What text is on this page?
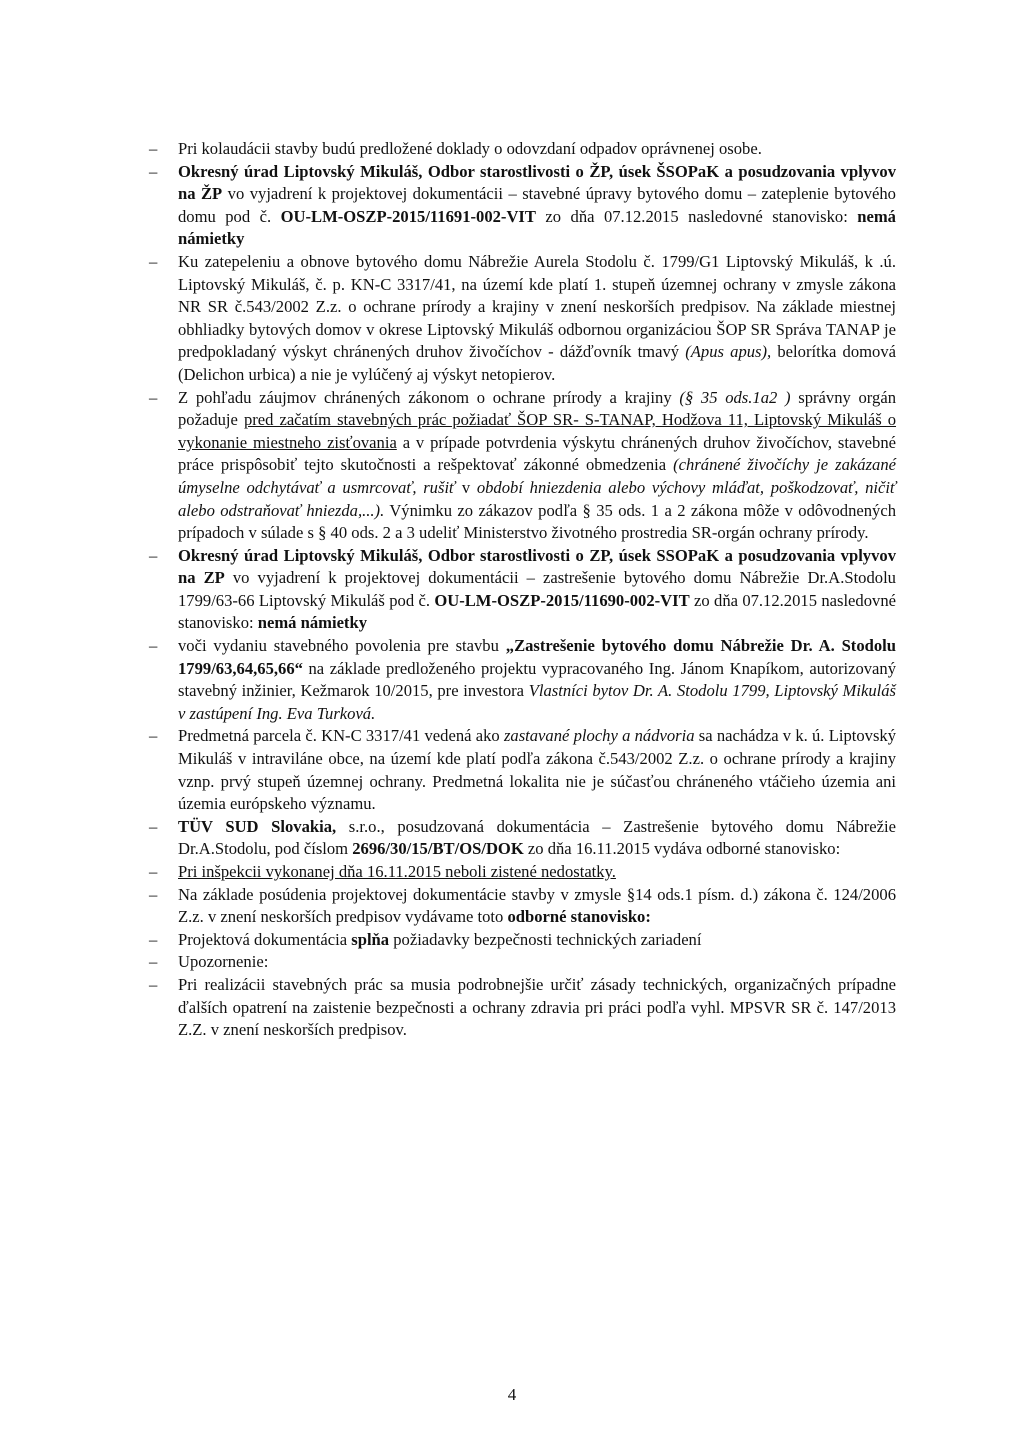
– Pri kolaudácii stavby budú predložené doklady o odovzdaní odpadov oprávnenej osobe.
– Okresný úrad Liptovský Mikuláš, Odbor starostlivosti o ŽP, úsek ŠSOPaK a posudzovania vplyvov na ŽP vo vyjadrení k projektovej dokumentácii – stavebné úpravy bytového domu – zateplenie bytového domu pod č. OU-LM-OSZP-2015/11691-002-VIT zo dňa 07.12.2015 nasledovné stanovisko: nemá námietky
– Ku zatepeleniu a obnove bytového domu Nábrežie Aurela Stodolu č. 1799/G1 Liptovský Mikuláš, k .ú. Liptovský Mikuláš, č. p. KN-C 3317/41, na území kde platí 1. stupeň územnej ochrany v zmysle zákona NR SR č.543/2002 Z.z. o ochrane prírody a krajiny v znení neskorších predpisov. Na základe miestnej obhliadky bytových domov v okrese Liptovský Mikuláš odbornou organizáciou ŠOP SR Správa TANAP je predpokladaný výskyt chránených druhov živočíchov - dážďovník tmavý (Apus apus), belorítka domová (Delichon urbica) a nie je vylúčený aj výskyt netopierov.
– Z pohľadu záujmov chránených zákonom o ochrane prírody a krajiny (§ 35 ods.1a2 ) správny orgán požaduje pred začatím stavebných prác požiadať ŠOP SR- S-TANAP, Hodžova 11, Liptovský Mikuláš o vykonanie miestneho zisťovania a v prípade potvrdenia výskytu chránených druhov živočíchov, stavebné práce prispôsobiť tejto skutočnosti a rešpektovať zákonné obmedzenia (chránené živočíchy je zakázané úmyselne odchytávať a usmrcovať, rušiť v období hniezdenia alebo výchovy mláďat, poškodzovať, ničiť alebo odstraňovať hniezda,...). Výnimku zo zákazov podľa § 35 ods. 1 a 2 zákona môže v odôvodnených prípadoch v súlade s § 40 ods. 2 a 3 udeliť Ministerstvo životného prostredia SR-orgán ochrany prírody.
– Okresný úrad Liptovský Mikuláš, Odbor starostlivosti o ZP, úsek SSOPaK a posudzovania vplyvov na ZP vo vyjadrení k projektovej dokumentácii – zastrešenie bytového domu Nábrežie Dr.A.Stodolu 1799/63-66 Liptovský Mikuláš pod č. OU-LM-OSZP-2015/11690-002-VIT zo dňa 07.12.2015 nasledovné stanovisko: nemá námietky
– voči vydaniu stavebného povolenia pre stavbu „Zastrešenie bytového domu Nábrežie Dr. A. Stodolu 1799/63,64,65,66“ na základe predloženého projektu vypracovaného Ing. Jánom Knapíkom, autorizovaný stavebný inžinier, Kežmarok 10/2015, pre investora Vlastníci bytov Dr. A. Stodolu 1799, Liptovský Mikuláš v zastúpení Ing. Eva Turková.
– Predmetná parcela č. KN-C 3317/41 vedená ako zastavané plochy a nádvoria sa nachádza v k. ú. Liptovský Mikuláš v intraviláne obce, na území kde platí podľa zákona č.543/2002 Z.z. o ochrane prírody a krajiny vznp. prvý stupeň územnej ochrany. Predmetná lokalita nie je súčasťou chráneného vtáčieho územia ani územia európskeho významu.
– TÜV SUD Slovakia, s.r.o., posudzovaná dokumentácia – Zastrešenie bytového domu Nábrežie Dr.A.Stodolu, pod číslom 2696/30/15/BT/OS/DOK zo dňa 16.11.2015 vydáva odborné stanovisko:
– Pri inšpekcii vykonanej dňa 16.11.2015 neboli zistené nedostatky.
– Na základe posúdenia projektovej dokumentácie stavby v zmysle §14 ods.1 písm. d.) zákona č. 124/2006 Z.z. v znení neskorších predpisov vydávame toto odborné stanovisko:
– Projektová dokumentácia splňa požiadavky bezpečnosti technických zariadení
– Upozornenie:
– Pri realizácii stavebných prác sa musia podrobnejšie určiť zásady technických, organizačných prípadne ďalších opatrení na zaistenie bezpečnosti a ochrany zdravia pri práci podľa vyhl. MPSVR SR č. 147/2013 Z.Z. v znení neskorších predpisov.
4
